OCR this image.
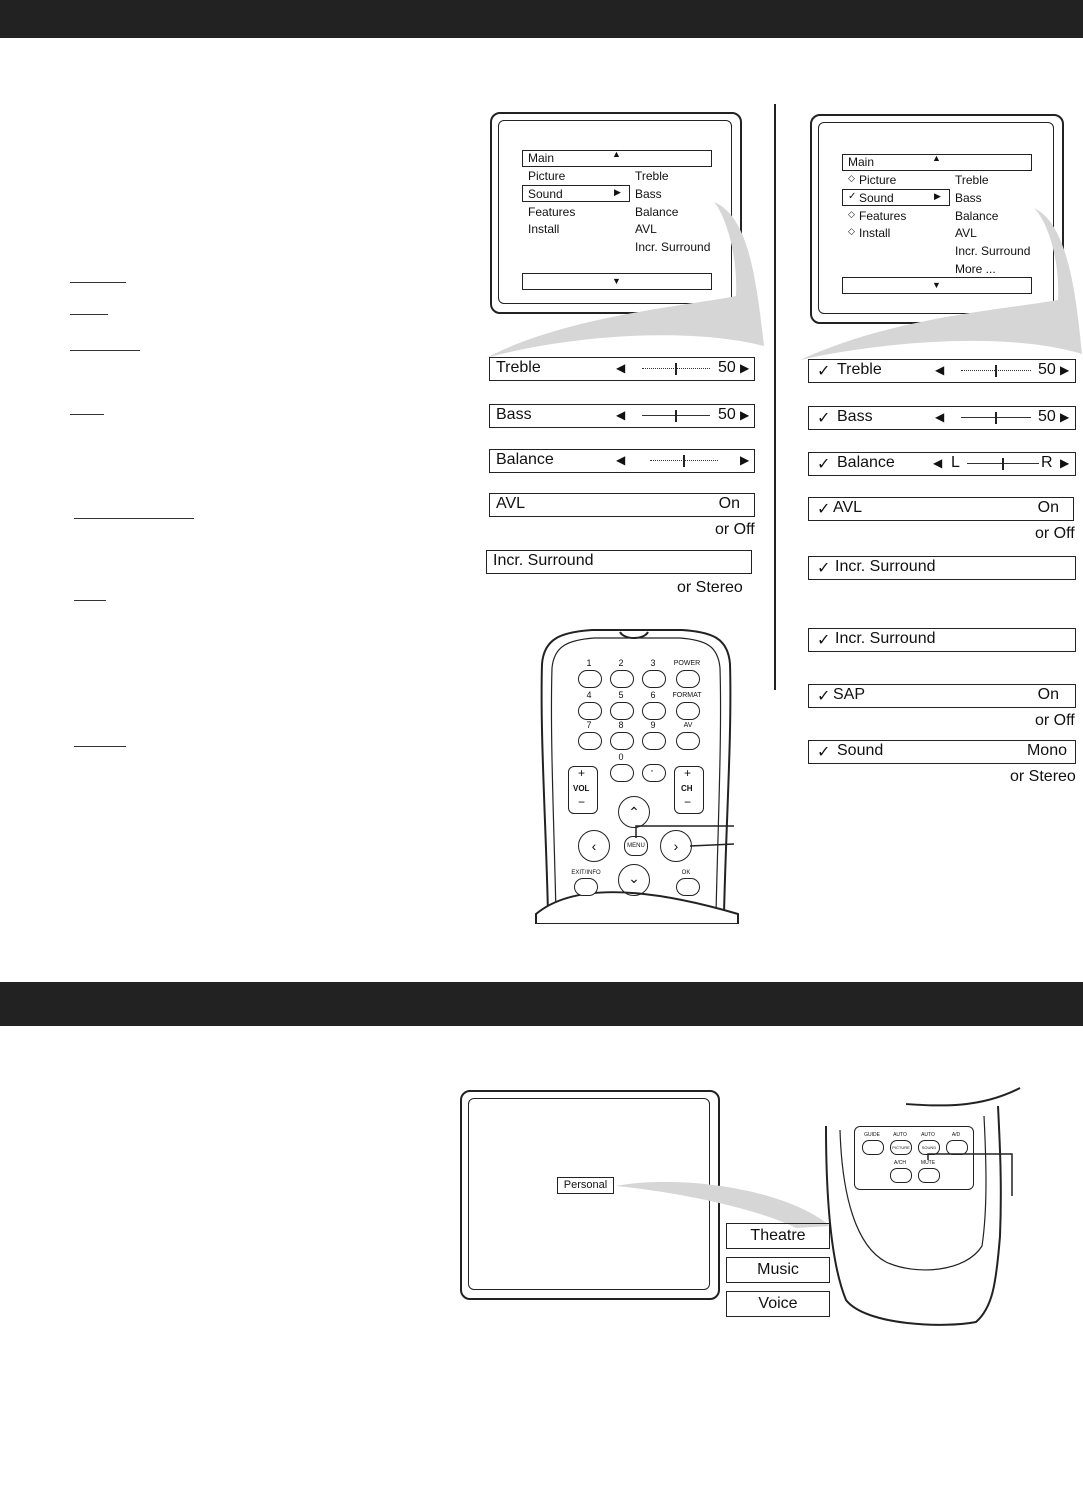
Main	▲
Picture
Sound	▶
Features
Install
Treble
Bass
Balance
AVL
Incr. Surround
▼
Main	▲
◇ Picture
✓ Sound	▶
◇ Features
◇ Install
Treble
Bass
Balance
AVL
Incr. Surround
More ...
▼
Treble	◀	50 ▶
Bass	◀	50 ▶
Balance	◀	▶
AVL	On
or Off
Incr. Surround
or Stereo
✓ Treble	◀	50 ▶
✓ Bass	◀	50 ▶
✓ Balance	◀ L	R ▶
✓ AVL	On
or Off
✓ Incr. Surround
✓ Incr. Surround
✓ SAP	On
or Off
✓ Sound	Mono
or Stereo
1	2	3	POWER
4	5	6	FORMAT
7	8	9	AV
0
·
+
VOL
−
+
CH
−
⌃
‹	MENU	›
⌄
EXIT/INFO	OK
Personal
Theatre
Music
Voice
GUIDE	AUTO	AUTO	A/D
PICTURE	SOUND
A/CH	MUTE
